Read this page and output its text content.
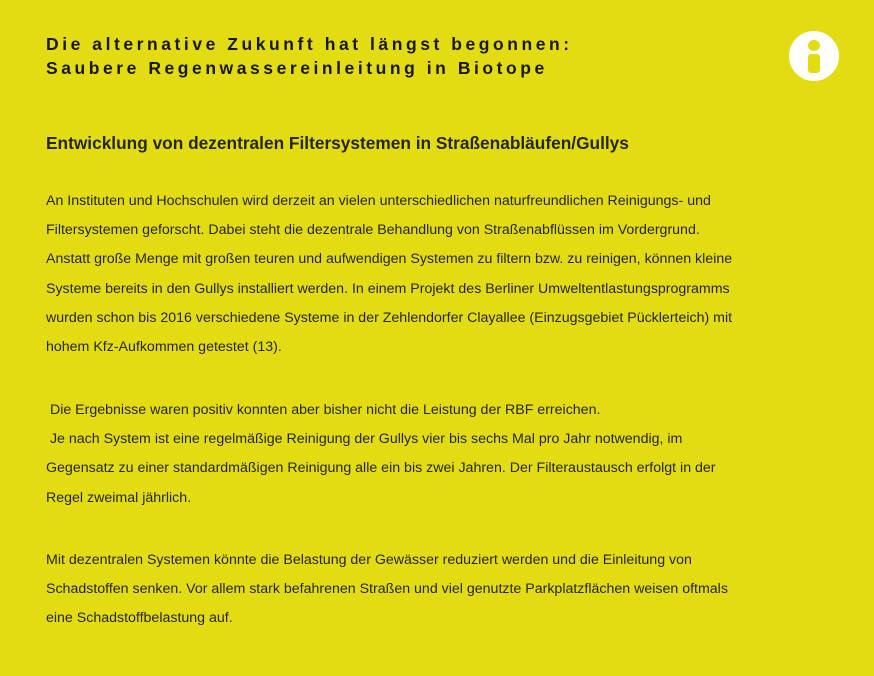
Die alternative Zukunft hat längst begonnen:
Saubere Regenwassereinleitung in Biotope
Entwicklung von dezentralen Filtersystemen in Straßenabläufen/Gullys

An Instituten und Hochschulen wird derzeit an vielen unterschiedlichen naturfreundlichen Reinigungs- und
Filtersystemen geforscht. Dabei steht die dezentrale Behandlung von Straßenabflüssen im Vordergrund.
Anstatt große Menge mit großen teuren und aufwendigen Systemen zu filtern bzw. zu reinigen, können kleine
Systeme bereits in den Gullys installiert werden. In einem Projekt des Berliner Umweltentlastungsprogramms
wurden schon bis 2016 verschiedene Systeme in der Zehlendorfer Clayallee (Einzugsgebiet Pücklerteich) mit
hohem Kfz-Aufkommen getestet (13).

Die Ergebnisse waren positiv konnten aber bisher nicht die Leistung der RBF erreichen.
Je nach System ist eine regelmäßige Reinigung der Gullys vier bis sechs Mal pro Jahr notwendig, im
Gegensatz zu einer standardmäßigen Reinigung alle ein bis zwei Jahren. Der Filteraustausch erfolgt in der
Regel zweimal jährlich.

Mit dezentralen Systemen könnte die Belastung der Gewässer reduziert werden und die Einleitung von
Schadstoffen senken. Vor allem stark befahrenen Straßen und viel genutzte Parkplatzflächen weisen oftmals
eine Schadstoffbelastung auf.
